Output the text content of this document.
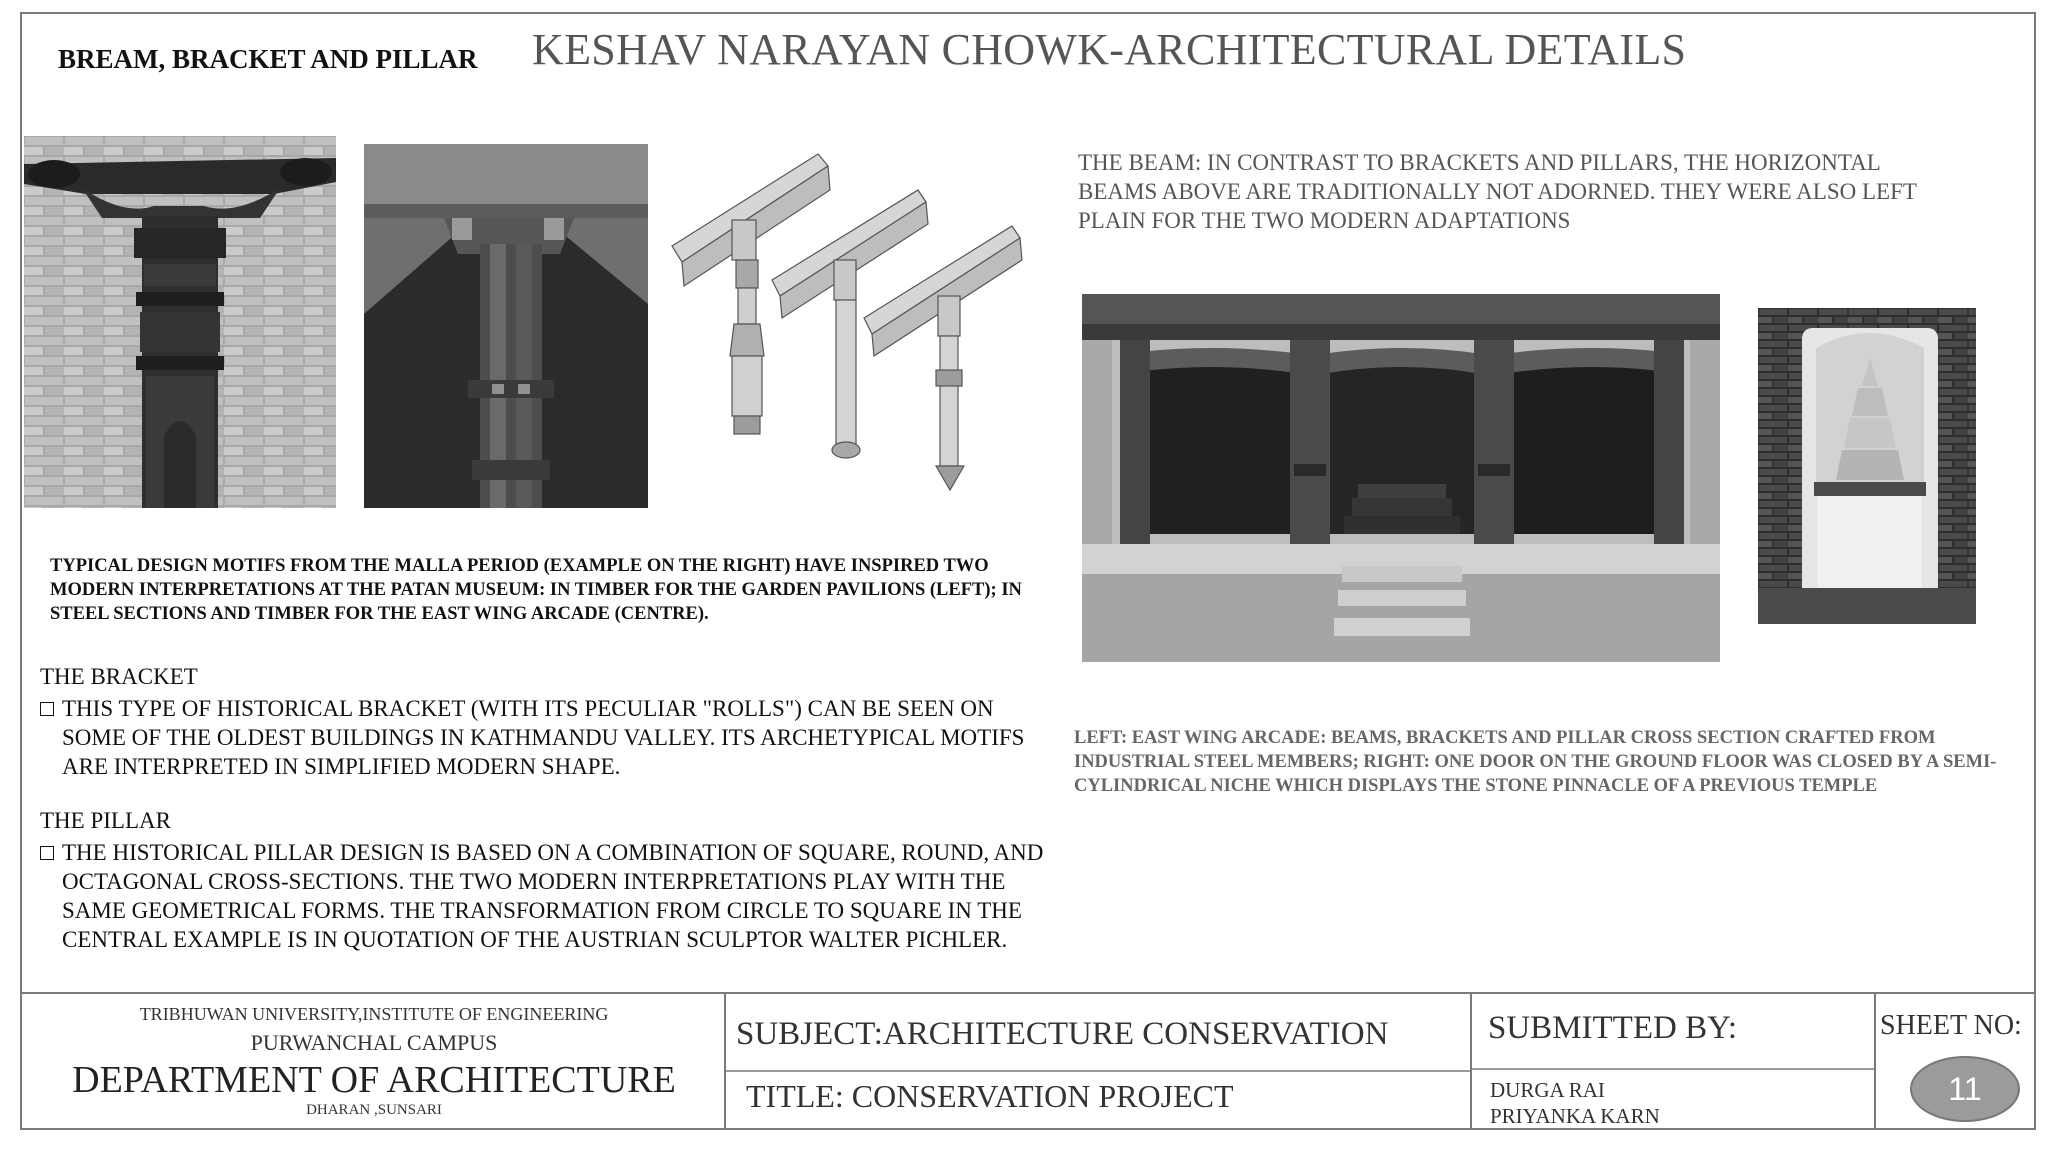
BREAM, BRACKET AND PILLAR KESHAV NARAYAN CHOWK-ARCHITECTURAL DETAILS
TYPICAL DESIGN MOTIFS FROM THE MALLA PERIOD (EXAMPLE ON THE RIGHT) HAVE INSPIRED TWO MODERN INTERPRETATIONS AT THE PATAN MUSEUM: IN TIMBER FOR THE GARDEN PAVILIONS (LEFT); IN STEEL SECTIONS AND TIMBER FOR THE EAST WING ARCADE (CENTRE).
THE BRACKET
THIS TYPE OF HISTORICAL BRACKET (WITH ITS PECULIAR "ROLLS") CAN BE SEEN ON SOME OF THE OLDEST BUILDINGS IN KATHMANDU VALLEY. ITS ARCHETYPICAL MOTIFS ARE INTERPRETED IN SIMPLIFIED MODERN SHAPE.
THE PILLAR
THE HISTORICAL PILLAR DESIGN IS BASED ON A COMBINATION OF SQUARE, ROUND, AND OCTAGONAL CROSS-SECTIONS. THE TWO MODERN INTERPRETATIONS PLAY WITH THE SAME GEOMETRICAL FORMS. THE TRANSFORMATION FROM CIRCLE TO SQUARE IN THE CENTRAL EXAMPLE IS IN QUOTATION OF THE AUSTRIAN SCULPTOR WALTER PICHLER.
THE BEAM: IN CONTRAST TO BRACKETS AND PILLARS, THE HORIZONTAL BEAMS ABOVE ARE TRADITIONALLY NOT ADORNED. THEY WERE ALSO LEFT PLAIN FOR THE TWO MODERN ADAPTATIONS
LEFT: EAST WING ARCADE: BEAMS, BRACKETS AND PILLAR CROSS SECTION CRAFTED FROM INDUSTRIAL STEEL MEMBERS; RIGHT: ONE DOOR ON THE GROUND FLOOR WAS CLOSED BY A SEMI-CYLINDRICAL NICHE WHICH DISPLAYS THE STONE PINNACLE OF A PREVIOUS TEMPLE
TRIBHUWAN UNIVERSITY,INSTITUTE OF ENGINEERING
PURWANCHAL CAMPUS
DEPARTMENT OF ARCHITECTURE
DHARAN ,SUNSARI
SUBJECT:ARCHITECTURE CONSERVATION
TITLE: CONSERVATION PROJECT
SUBMITTED BY:
DURGA RAI
PRIYANKA KARN
SHEET NO:
11
